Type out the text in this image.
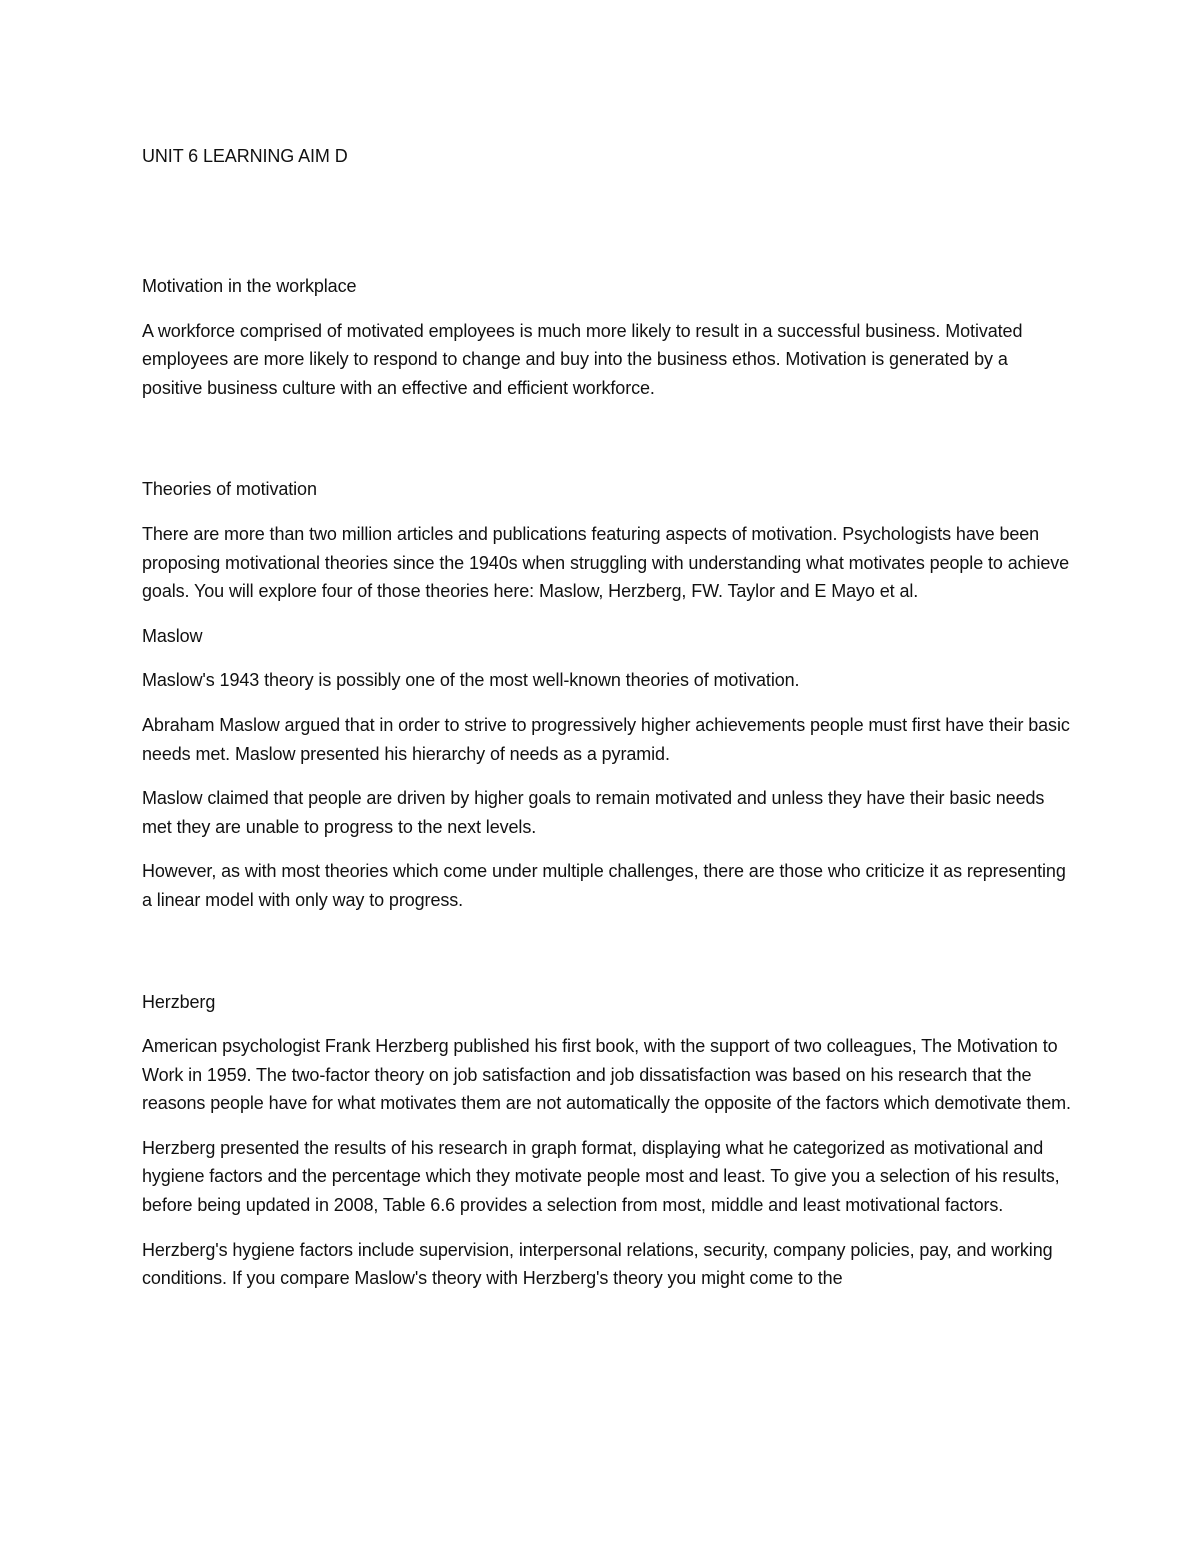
UNIT 6 LEARNING AIM D

Motivation in the workplace

A workforce comprised of motivated employees is much more likely to result in a successful business. Motivated employees are more likely to respond to change and buy into the business ethos. Motivation is generated by a positive business culture with an effective and efficient workforce.

Theories of motivation

There are more than two million articles and publications featuring aspects of motivation. Psychologists have been proposing motivational theories since the 1940s when struggling with understanding what motivates people to achieve goals. You will explore four of those theories here: Maslow, Herzberg, FW. Taylor and E Mayo et al.

Maslow

Maslow's 1943 theory is possibly one of the most well-known theories of motivation.

Abraham Maslow argued that in order to strive to progressively higher achievements people must first have their basic needs met. Maslow presented his hierarchy of needs as a pyramid.

Maslow claimed that people are driven by higher goals to remain motivated and unless they have their basic needs met they are unable to progress to the next levels.

However, as with most theories which come under multiple challenges, there are those who criticize it as representing a linear model with only way to progress.

Herzberg

American psychologist Frank Herzberg published his first book, with the support of two colleagues, The Motivation to Work in 1959. The two-factor theory on job satisfaction and job dissatisfaction was based on his research that the reasons people have for what motivates them are not automatically the opposite of the factors which demotivate them.

Herzberg presented the results of his research in graph format, displaying what he categorized as motivational and hygiene factors and the percentage which they motivate people most and least. To give you a selection of his results, before being updated in 2008, Table 6.6 provides a selection from most, middle and least motivational factors.

Herzberg's hygiene factors include supervision, interpersonal relations, security, company policies, pay, and working conditions. If you compare Maslow's theory with Herzberg's theory you might come to the
